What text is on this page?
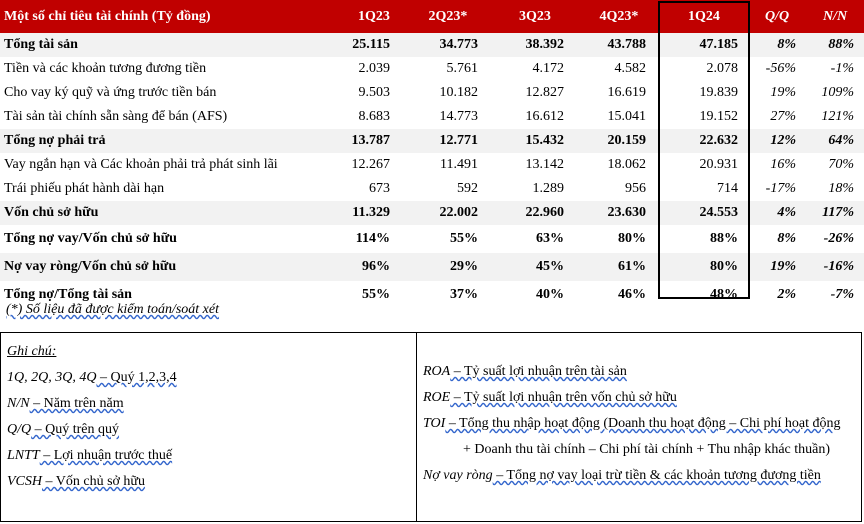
Một số chỉ tiêu tài chính (Tỷ đồng)	1Q23	2Q23*	3Q23	4Q23*	1Q24	Q/Q	N/N
Tổng tài sản	25.115	34.773	38.392	43.788	47.185	8%	88%
Tiền và các khoản tương đương tiền	2.039	5.761	4.172	4.582	2.078	-56%	-1%
Cho vay ký quỹ và ứng trước tiền bán	9.503	10.182	12.827	16.619	19.839	19%	109%
Tài sản tài chính sẵn sàng để bán (AFS)	8.683	14.773	16.612	15.041	19.152	27%	121%
Tổng nợ phải trả	13.787	12.771	15.432	20.159	22.632	12%	64%
Vay ngắn hạn và Các khoản phải trả phát sinh lãi	12.267	11.491	13.142	18.062	20.931	16%	70%
Trái phiếu phát hành dài hạn	673	592	1.289	956	714	-17%	18%
Vốn chủ sở hữu	11.329	22.002	22.960	23.630	24.553	4%	117%
Tổng nợ vay/Vốn chủ sở hữu	114%	55%	63%	80%	88%	8%	-26%
Nợ vay ròng/Vốn chủ sở hữu	96%	29%	45%	61%	80%	19%	-16%
Tổng nợ/Tổng tài sản	55%	37%	40%	46%	48%	2%	-7%
(*) Số liệu đã được kiểm toán/soát xét
Ghi chú:
1Q, 2Q, 3Q, 4Q – Quý 1,2,3,4
N/N – Năm trên năm
Q/Q – Quý trên quý
LNTT – Lợi nhuận trước thuế
VCSH – Vốn chủ sở hữu
ROA – Tỷ suất lợi nhuận trên tài sản
ROE – Tỷ suất lợi nhuận trên vốn chủ sở hữu
TOI – Tổng thu nhập hoạt động (Doanh thu hoạt động – Chi phí hoạt động
+ Doanh thu tài chính – Chi phí tài chính + Thu nhập khác thuần)
Nợ vay ròng – Tổng nợ vay loại trừ tiền & các khoản tương đương tiền
